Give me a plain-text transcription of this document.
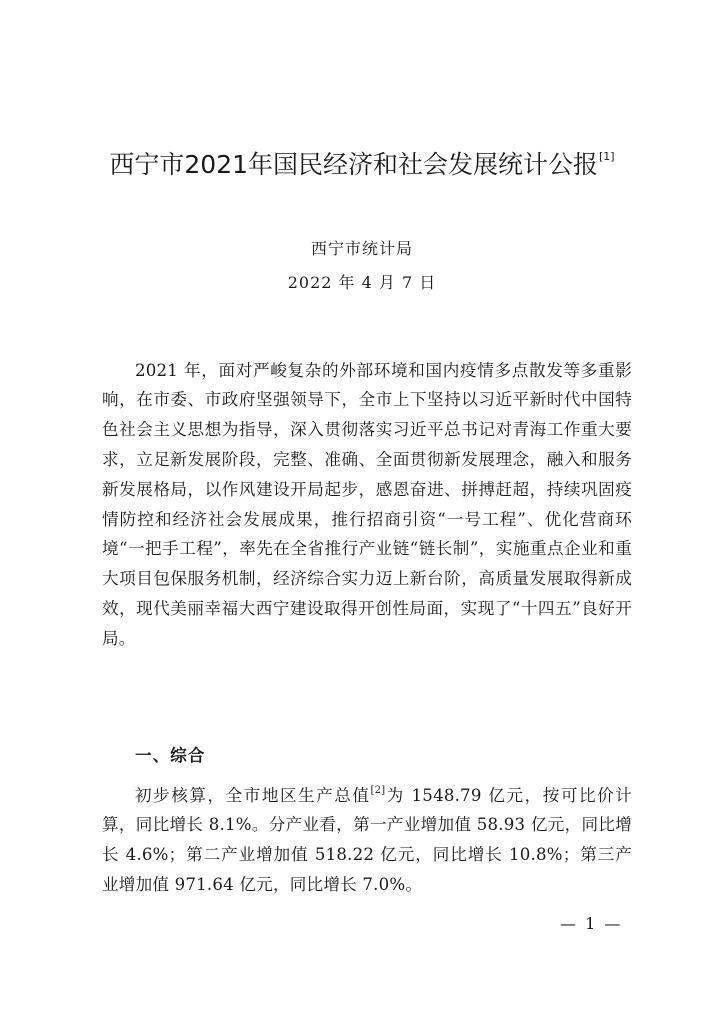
西宁市2021年国民经济和社会发展统计公报[1]
西宁市统计局
2022 年 4 月 7 日

2021 年，面对严峻复杂的外部环境和国内疫情多点散发等多重影响，在市委、市政府坚强领导下，全市上下坚持以习近平新时代中国特色社会主义思想为指导，深入贯彻落实习近平总书记对青海工作重大要求，立足新发展阶段，完整、准确、全面贯彻新发展理念，融入和服务新发展格局，以作风建设开局起步，感恩奋进、拼搏赶超，持续巩固疫情防控和经济社会发展成果，推行招商引资“一号工程”、优化营商环境“一把手工程”，率先在全省推行产业链“链长制”，实施重点企业和重大项目包保服务机制，经济综合实力迈上新台阶，高质量发展取得新成效，现代美丽幸福大西宁建设取得开创性局面，实现了“十四五”良好开局。

一、综合

初步核算，全市地区生产总值[2]为 1548.79 亿元，按可比价计算，同比增长 8.1%。分产业看，第一产业增加值 58.93 亿元，同比增长 4.6%；第二产业增加值 518.22 亿元，同比增长 10.8%；第三产业增加值 971.64 亿元，同比增长 7.0%。

— 1 —
